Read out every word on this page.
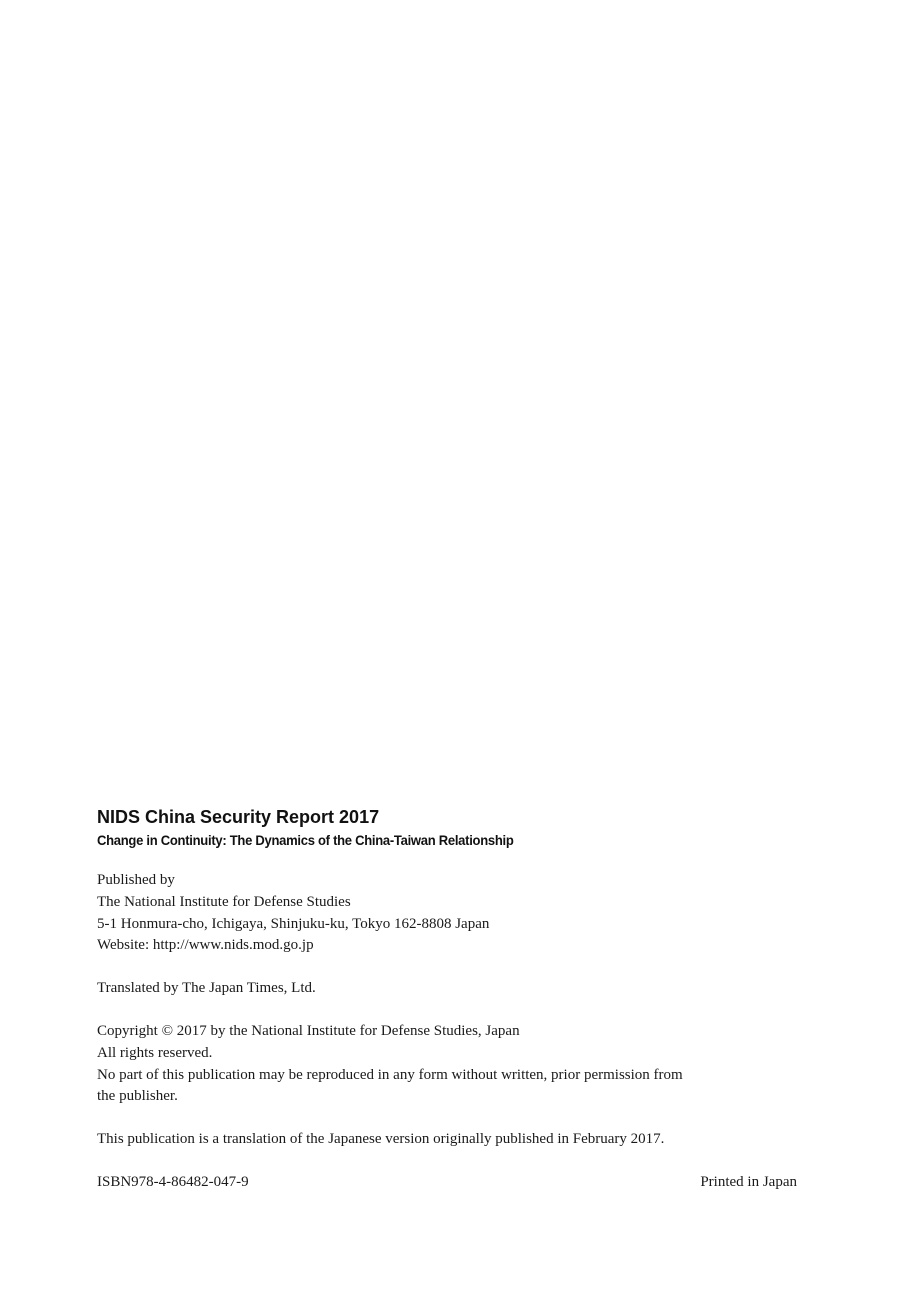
NIDS China Security Report 2017
Change in Continuity: The Dynamics of the China-Taiwan Relationship

Published by
The National Institute for Defense Studies
5-1 Honmura-cho, Ichigaya, Shinjuku-ku, Tokyo 162-8808 Japan
Website: http://www.nids.mod.go.jp

Translated by The Japan Times, Ltd.

Copyright © 2017 by the National Institute for Defense Studies, Japan
All rights reserved.
No part of this publication may be reproduced in any form without written, prior permission from
the publisher.

This publication is a translation of the Japanese version originally published in February 2017.

ISBN978-4-86482-047-9	Printed in Japan
